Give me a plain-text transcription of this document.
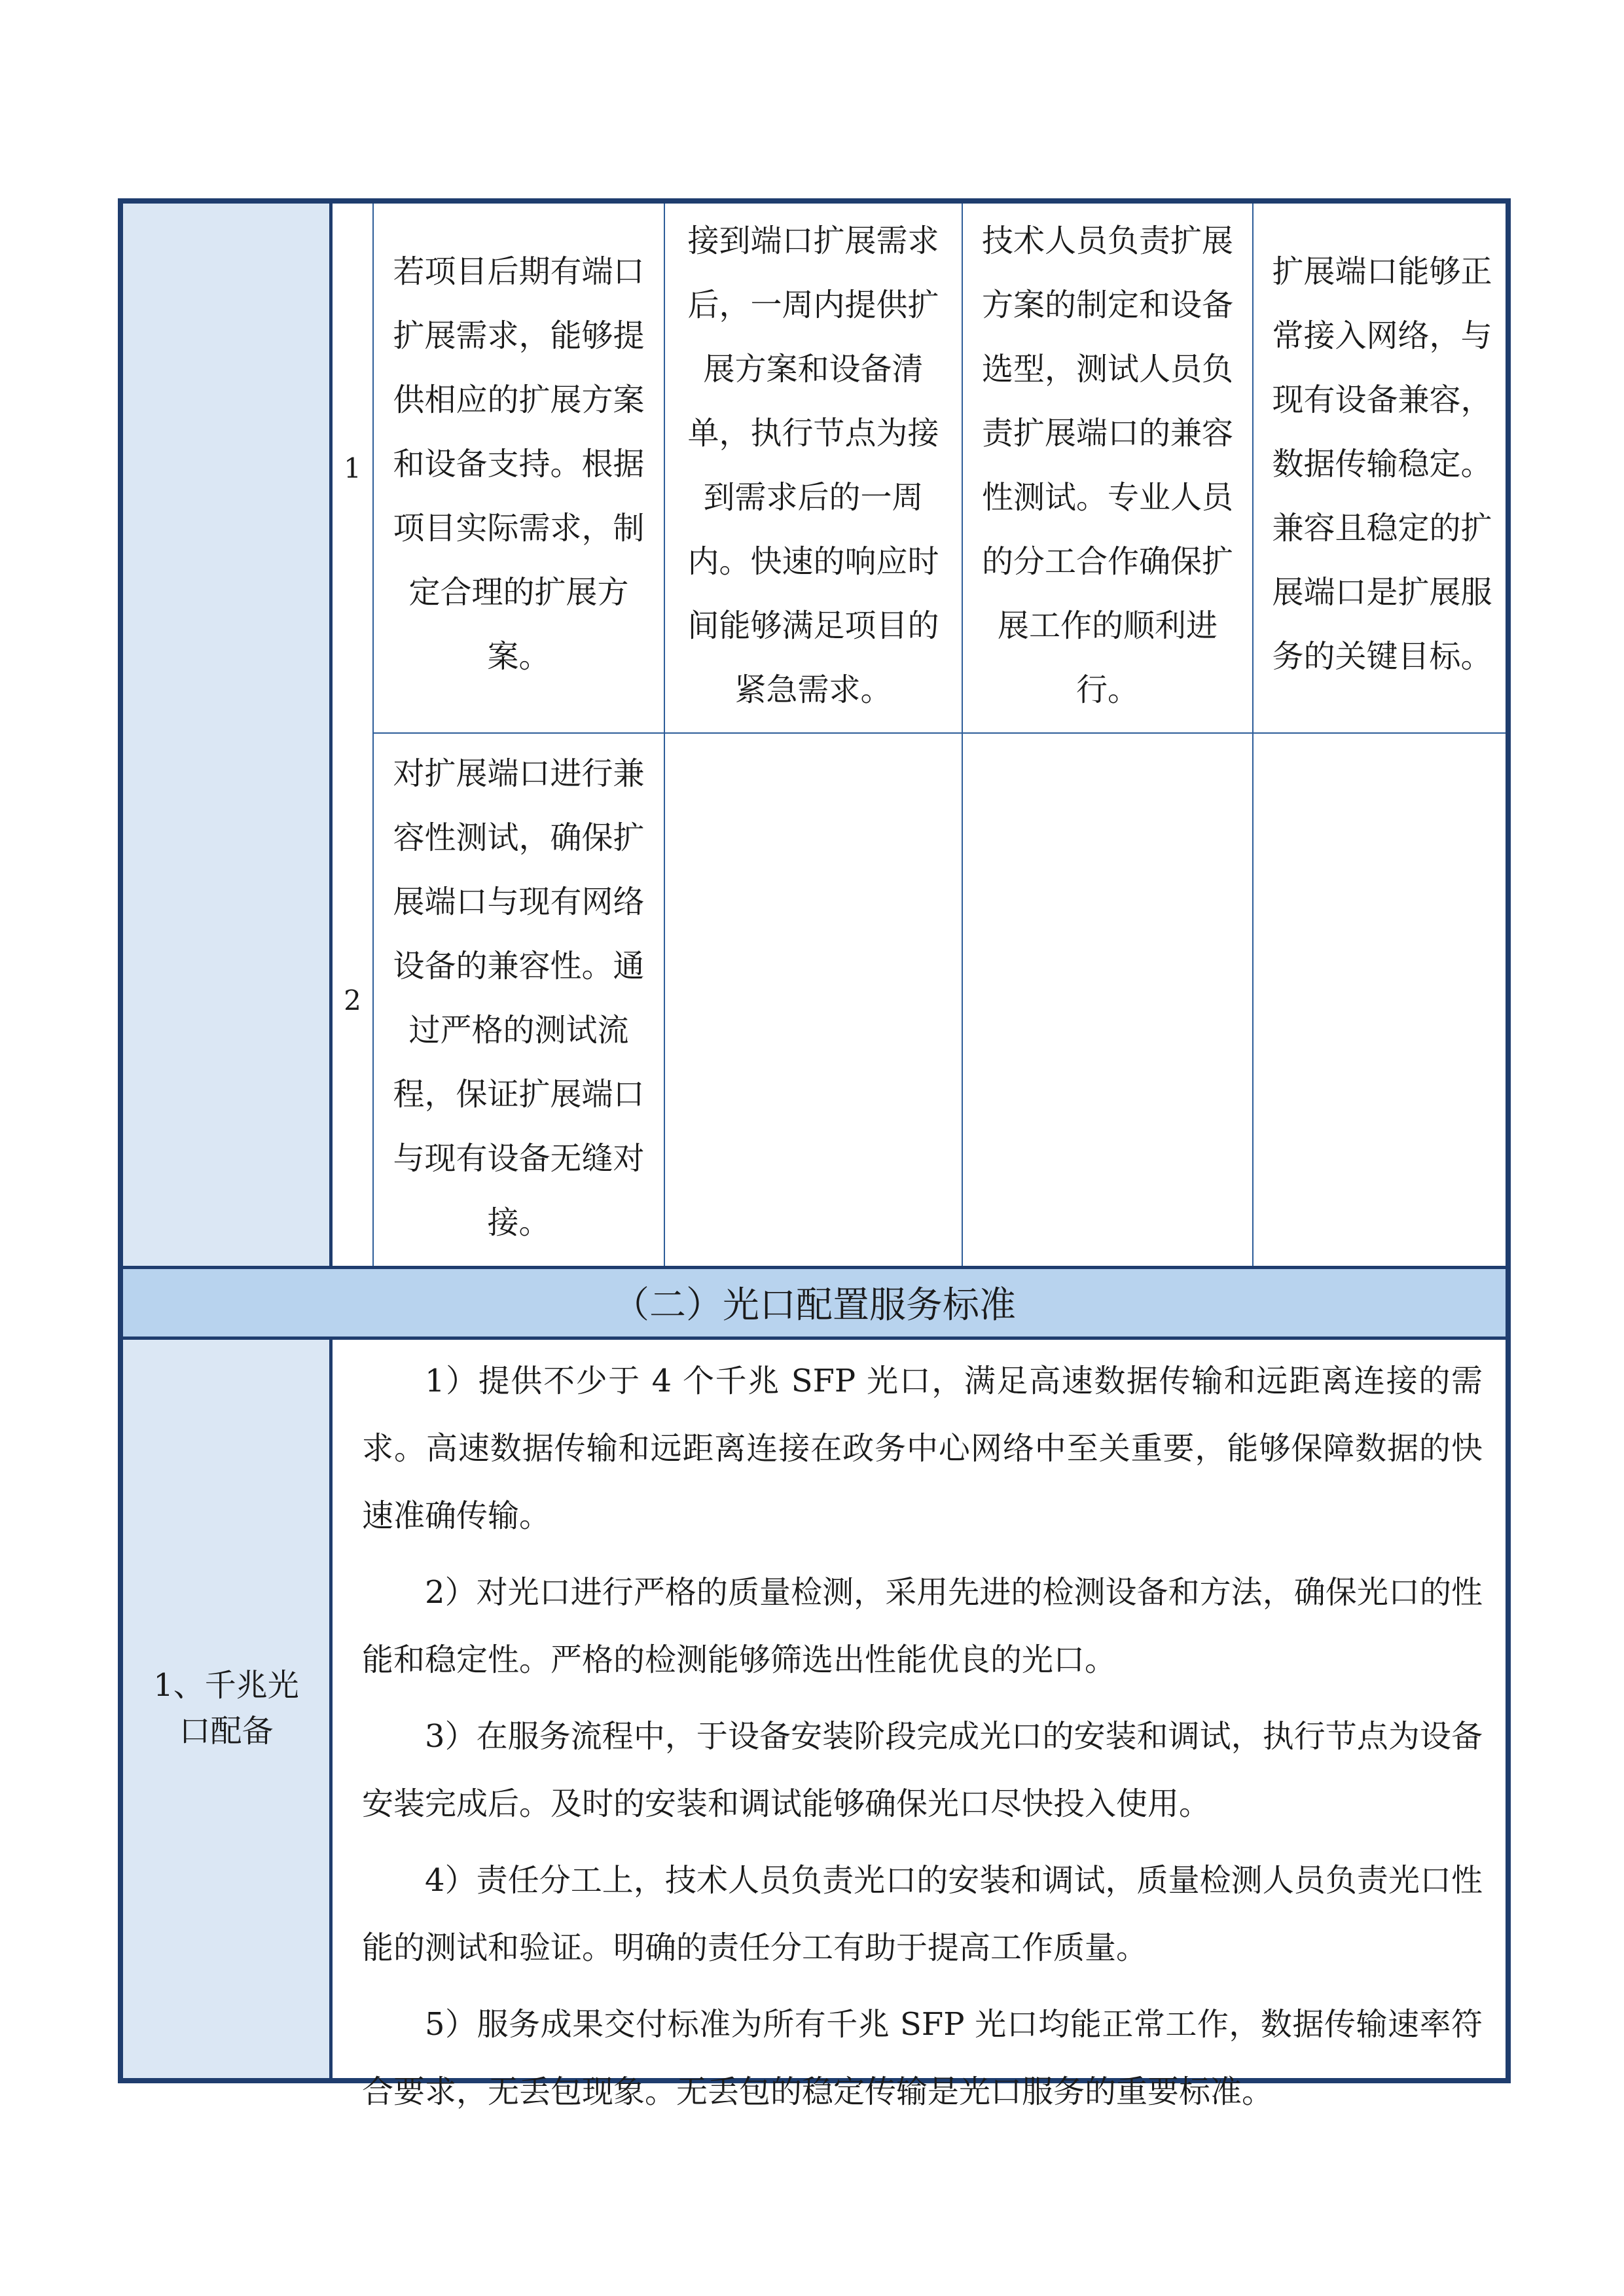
1
若项目后期有端口扩展需求，能够提供相应的扩展方案和设备支持。根据项目实际需求，制定合理的扩展方案。
接到端口扩展需求后，一周内提供扩展方案和设备清单，执行节点为接到需求后的一周内。快速的响应时间能够满足项目的紧急需求。
技术人员负责扩展方案的制定和设备选型，测试人员负责扩展端口的兼容性测试。专业人员的分工合作确保扩展工作的顺利进行。
扩展端口能够正常接入网络，与现有设备兼容，数据传输稳定。兼容且稳定的扩展端口是扩展服务的关键目标。
2
对扩展端口进行兼容性测试，确保扩展端口与现有网络设备的兼容性。通过严格的测试流程，保证扩展端口与现有设备无缝对接。
（二）光口配置服务标准
1、千兆光口配备

1）提供不少于 4 个千兆 SFP 光口，满足高速数据传输和远距离连接的需求。高速数据传输和远距离连接在政务中心网络中至关重要，能够保障数据的快速准确传输。

2）对光口进行严格的质量检测，采用先进的检测设备和方法，确保光口的性能和稳定性。严格的检测能够筛选出性能优良的光口。

3）在服务流程中，于设备安装阶段完成光口的安装和调试，执行节点为设备安装完成后。及时的安装和调试能够确保光口尽快投入使用。

4）责任分工上，技术人员负责光口的安装和调试，质量检测人员负责光口性能的测试和验证。明确的责任分工有助于提高工作质量。

5）服务成果交付标准为所有千兆 SFP 光口均能正常工作，数据传输速率符合要求，无丢包现象。无丢包的稳定传输是光口服务的重要标准。
